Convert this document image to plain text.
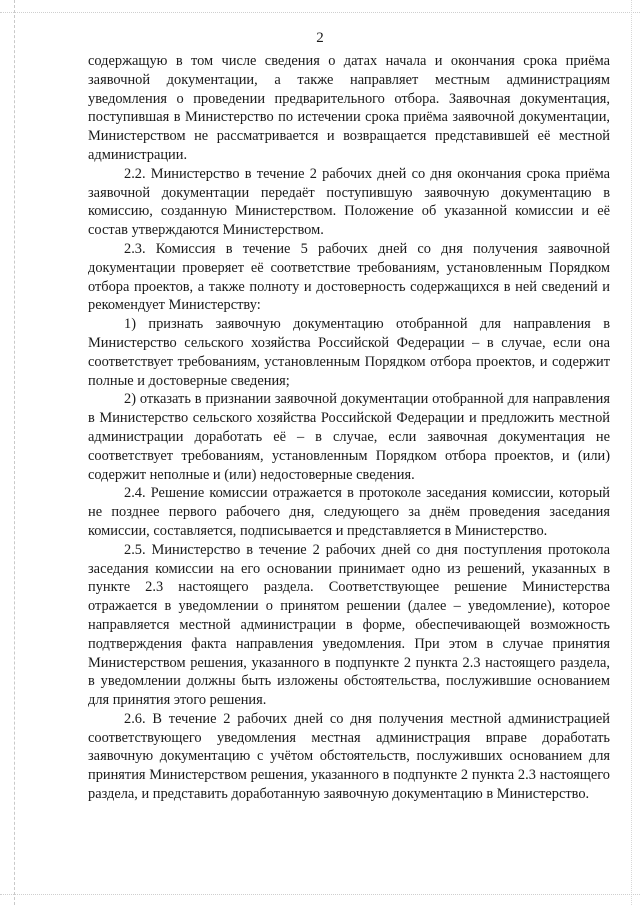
2

содержащую в том числе сведения о датах начала и окончания срока приёма заявочной документации, а также направляет местным администрациям уведомления о проведении предварительного отбора. Заявочная документация, поступившая в Министерство по истечении срока приёма заявочной документации, Министерством не рассматривается и возвращается представившей её местной администрации.

2.2. Министерство в течение 2 рабочих дней со дня окончания срока приёма заявочной документации передаёт поступившую заявочную документацию в комиссию, созданную Министерством. Положение об указанной комиссии и её состав утверждаются Министерством.

2.3. Комиссия в течение 5 рабочих дней со дня получения заявочной документации проверяет её соответствие требованиям, установленным Порядком отбора проектов, а также полноту и достоверность содержащихся в ней сведений и рекомендует Министерству:

1) признать заявочную документацию отобранной для направления в Министерство сельского хозяйства Российской Федерации – в случае, если она соответствует требованиям, установленным Порядком отбора проектов, и содержит полные и достоверные сведения;

2) отказать в признании заявочной документации отобранной для направления в Министерство сельского хозяйства Российской Федерации и предложить местной администрации доработать её – в случае, если заявочная документация не соответствует требованиям, установленным Порядком отбора проектов, и (или) содержит неполные и (или) недостоверные сведения.

2.4. Решение комиссии отражается в протоколе заседания комиссии, который не позднее первого рабочего дня, следующего за днём проведения заседания комиссии, составляется, подписывается и представляется в Министерство.

2.5. Министерство в течение 2 рабочих дней со дня поступления протокола заседания комиссии на его основании принимает одно из решений, указанных в пункте 2.3 настоящего раздела. Соответствующее решение Министерства отражается в уведомлении о принятом решении (далее – уведомление), которое направляется местной администрации в форме, обеспечивающей возможность подтверждения факта направления уведомления. При этом в случае принятия Министерством решения, указанного в подпункте 2 пункта 2.3 настоящего раздела, в уведомлении должны быть изложены обстоятельства, послужившие основанием для принятия этого решения.

2.6. В течение 2 рабочих дней со дня получения местной администрацией соответствующего уведомления местная администрация вправе доработать заявочную документацию с учётом обстоятельств, послуживших основанием для принятия Министерством решения, указанного в подпункте 2 пункта 2.3 настоящего раздела, и представить доработанную заявочную документацию в Министерство.
